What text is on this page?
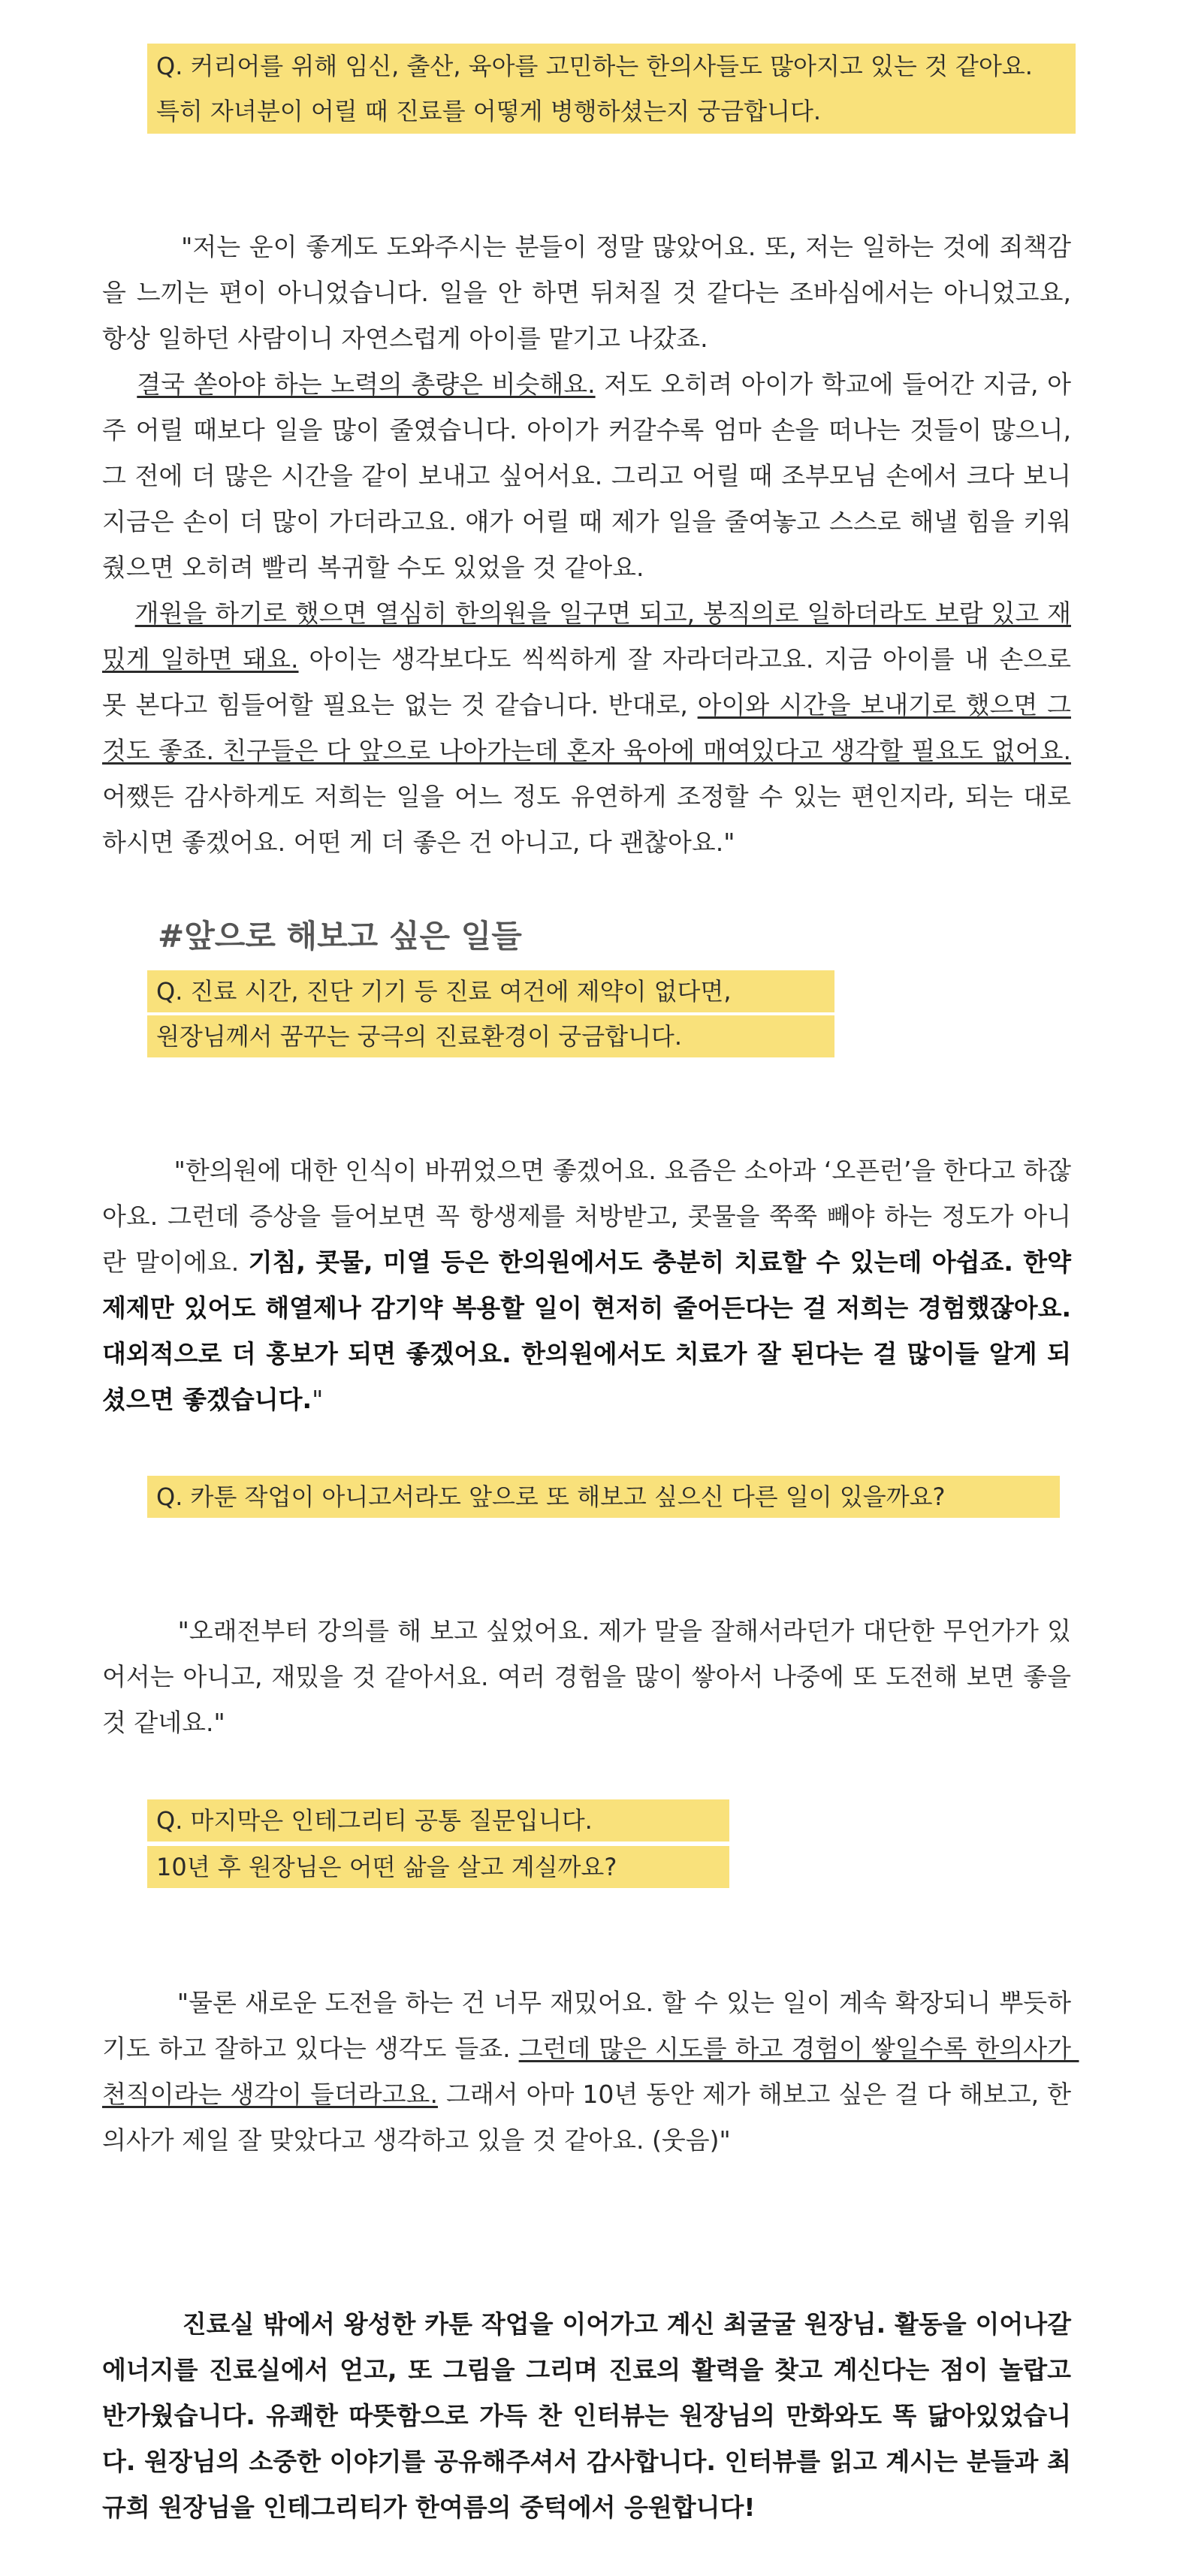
Q. 커리어를 위해 임신, 출산, 육아를 고민하는 한의사들도 많아지고 있는 것 같아요.
특히 자녀분이 어릴 때 진료를 어떻게 병행하셨는지 궁금합니다.

"저는 운이 좋게도 도와주시는 분들이 정말 많았어요. 또, 저는 일하는 것에 죄책감을 느끼는 편이 아니었습니다. 일을 안 하면 뒤처질 것 같다는 조바심에서는 아니었고요, 항상 일하던 사람이니 자연스럽게 아이를 맡기고 나갔죠.

결국 쏟아야 하는 노력의 총량은 비슷해요. 저도 오히려 아이가 학교에 들어간 지금, 아주 어릴 때보다 일을 많이 줄였습니다. 아이가 커갈수록 엄마 손을 떠나는 것들이 많으니, 그 전에 더 많은 시간을 같이 보내고 싶어서요. 그리고 어릴 때 조부모님 손에서 크다 보니 지금은 손이 더 많이 가더라고요. 얘가 어릴 때 제가 일을 줄여놓고 스스로 해낼 힘을 키워줬으면 오히려 빨리 복귀할 수도 있었을 것 같아요.

개원을 하기로 했으면 열심히 한의원을 일구면 되고, 봉직의로 일하더라도 보람 있고 재밌게 일하면 돼요. 아이는 생각보다도 씩씩하게 잘 자라더라고요. 지금 아이를 내 손으로 못 본다고 힘들어할 필요는 없는 것 같습니다. 반대로, 아이와 시간을 보내기로 했으면 그것도 좋죠. 친구들은 다 앞으로 나아가는데 혼자 육아에 매여있다고 생각할 필요도 없어요. 어쨌든 감사하게도 저희는 일을 어느 정도 유연하게 조정할 수 있는 편인지라, 되는 대로 하시면 좋겠어요. 어떤 게 더 좋은 건 아니고, 다 괜찮아요."

#앞으로 해보고 싶은 일들
Q. 진료 시간, 진단 기기 등 진료 여건에 제약이 없다면,
원장님께서 꿈꾸는 궁극의 진료환경이 궁금합니다.

"한의원에 대한 인식이 바뀌었으면 좋겠어요. 요즘은 소아과 ‘오픈런’을 한다고 하잖아요. 그런데 증상을 들어보면 꼭 항생제를 처방받고, 콧물을 쭉쭉 빼야 하는 정도가 아니란 말이에요. 기침, 콧물, 미열 등은 한의원에서도 충분히 치료할 수 있는데 아쉽죠. 한약 제제만 있어도 해열제나 감기약 복용할 일이 현저히 줄어든다는 걸 저희는 경험했잖아요. 대외적으로 더 홍보가 되면 좋겠어요. 한의원에서도 치료가 잘 된다는 걸 많이들 알게 되셨으면 좋겠습니다."

Q. 카툰 작업이 아니고서라도 앞으로 또 해보고 싶으신 다른 일이 있을까요?

"오래전부터 강의를 해 보고 싶었어요. 제가 말을 잘해서라던가 대단한 무언가가 있어서는 아니고, 재밌을 것 같아서요. 여러 경험을 많이 쌓아서 나중에 또 도전해 보면 좋을 것 같네요."

Q. 마지막은 인테그리티 공통 질문입니다.
10년 후 원장님은 어떤 삶을 살고 계실까요?

"물론 새로운 도전을 하는 건 너무 재밌어요. 할 수 있는 일이 계속 확장되니 뿌듯하기도 하고 잘하고 있다는 생각도 들죠. 그런데 많은 시도를 하고 경험이 쌓일수록 한의사가 천직이라는 생각이 들더라고요. 그래서 아마 10년 동안 제가 해보고 싶은 걸 다 해보고, 한의사가 제일 잘 맞았다고 생각하고 있을 것 같아요. (웃음)"

진료실 밖에서 왕성한 카툰 작업을 이어가고 계신 최굴굴 원장님. 활동을 이어나갈 에너지를 진료실에서 얻고, 또 그림을 그리며 진료의 활력을 찾고 계신다는 점이 놀랍고 반가웠습니다. 유쾌한 따뜻함으로 가득 찬 인터뷰는 원장님의 만화와도 똑 닮아있었습니다. 원장님의 소중한 이야기를 공유해주셔서 감사합니다. 인터뷰를 읽고 계시는 분들과 최규희 원장님을 인테그리티가 한여름의 중턱에서 응원합니다!
